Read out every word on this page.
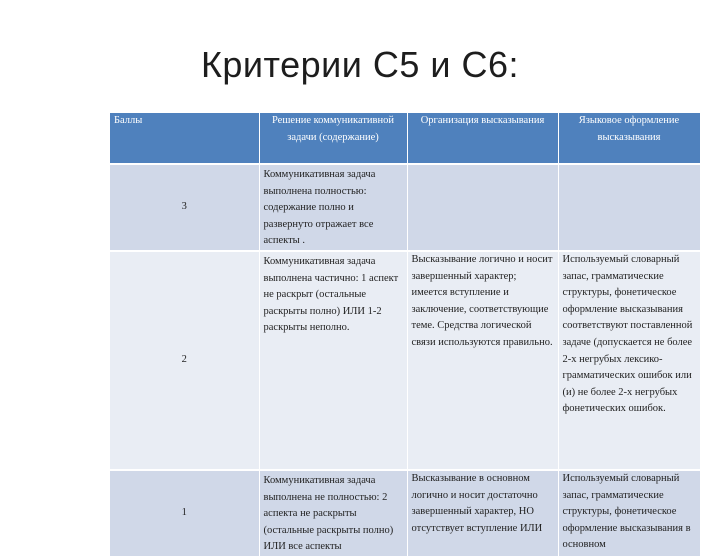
Критерии С5 и С6:
Баллы	Решение коммуникативной задачи (содержание)	Организация высказывания	Языковое оформление высказывания
3	Коммуникативная задача выполнена полностью: содержание полно и развернуто отражает все аспекты .		
2	Коммуникативная задача выполнена частично: 1 аспект не раскрыт (остальные раскрыты полно) ИЛИ 1-2 раскрыты неполно.	Высказывание логично и носит завершенный характер; имеется вступление и заключение, соответствующие теме. Средства логической связи используются правильно.	Используемый словарный запас, грамматические структуры, фонетическое оформление высказывания соответствуют поставленной задаче (допускается не более 2-х негрубых лексико-грамматических ошибок или (и) не более 2-х негрубых фонетических ошибок.
1	Коммуникативная задача выполнена не полностью: 2 аспекта не раскрыты (остальные раскрыты полно) ИЛИ все аспекты	Высказывание в основном логично и носит достаточно завершенный характер, НО отсутствует вступление ИЛИ	Используемый словарный запас, грамматические структуры, фонетическое оформление высказывания в основном
